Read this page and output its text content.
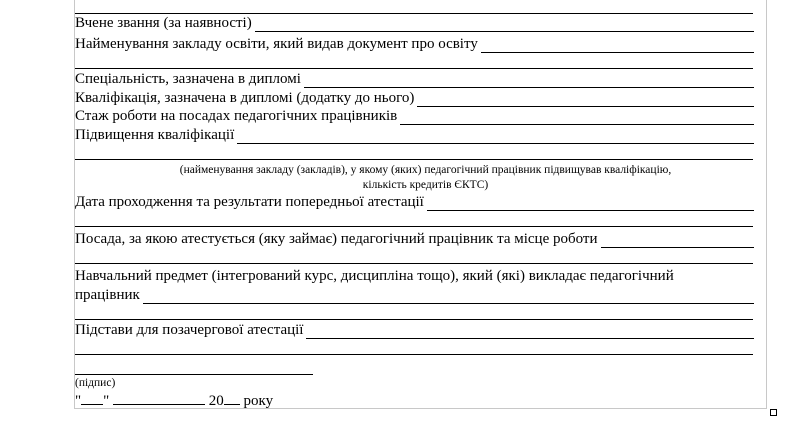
Вчене звання (за наявності)
Найменування закладу освіти, який видав документ про освіту
Спеціальність, зазначена в дипломі
Кваліфікація, зазначена в дипломі (додатку до нього)
Стаж роботи на посадах педагогічних працівників
Підвищення кваліфікації
(найменування закладу (закладів), у якому (яких) педагогічний працівник підвищував кваліфікацію,
кількість кредитів ЄКТС)
Дата проходження та результати попередньої атестації
Посада, за якою атестується (яку займає) педагогічний працівник та місце роботи
Навчальний предмет (інтегрований курс, дисципліна тощо), який (які) викладає педагогічний
працівник
Підстави для позачергової атестації
(підпис)
" "	20 року
